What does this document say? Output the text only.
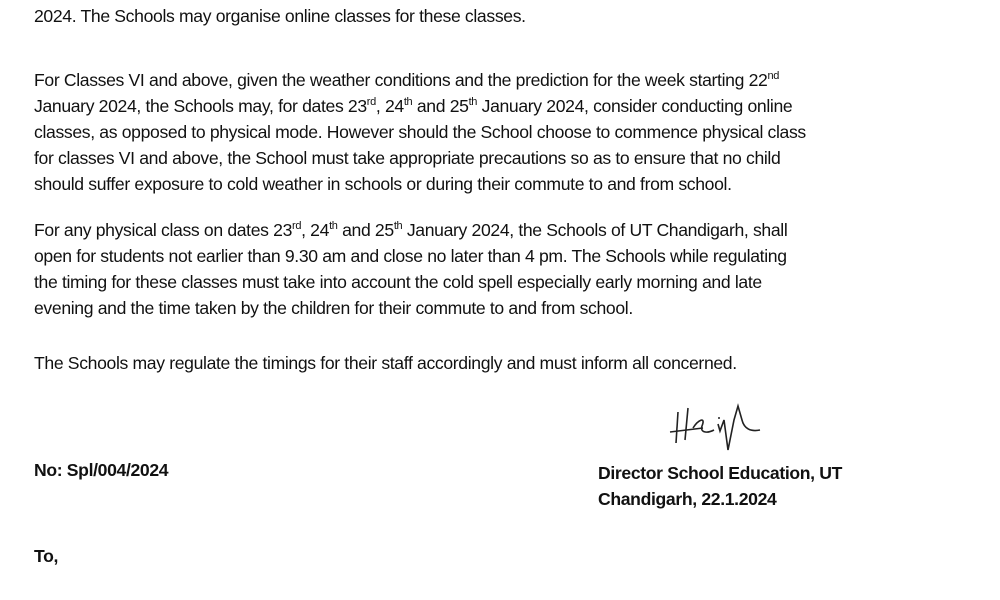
2024. The Schools may organise online classes for these classes.
For Classes VI and above, given the weather conditions and the prediction for the week starting 22nd
January 2024, the Schools may, for dates 23rd, 24th and 25th January 2024, consider conducting online
classes, as opposed to physical mode. However should the School choose to commence physical class
for classes VI and above, the School must take appropriate precautions so as to ensure that no child
should suffer exposure to cold weather in schools or during their commute to and from school.
For any physical class on dates 23rd, 24th and 25th January 2024, the Schools of UT Chandigarh, shall
open for students not earlier than 9.30 am and close no later than 4 pm. The Schools while regulating
the timing for these classes must take into account the cold spell especially early morning and late
evening and the time taken by the children for their commute to and from school.
The Schools may regulate the timings for their staff accordingly and must inform all concerned.
No: Spl/004/2024	Director School Education, UT
Chandigarh, 22.1.2024
To,
